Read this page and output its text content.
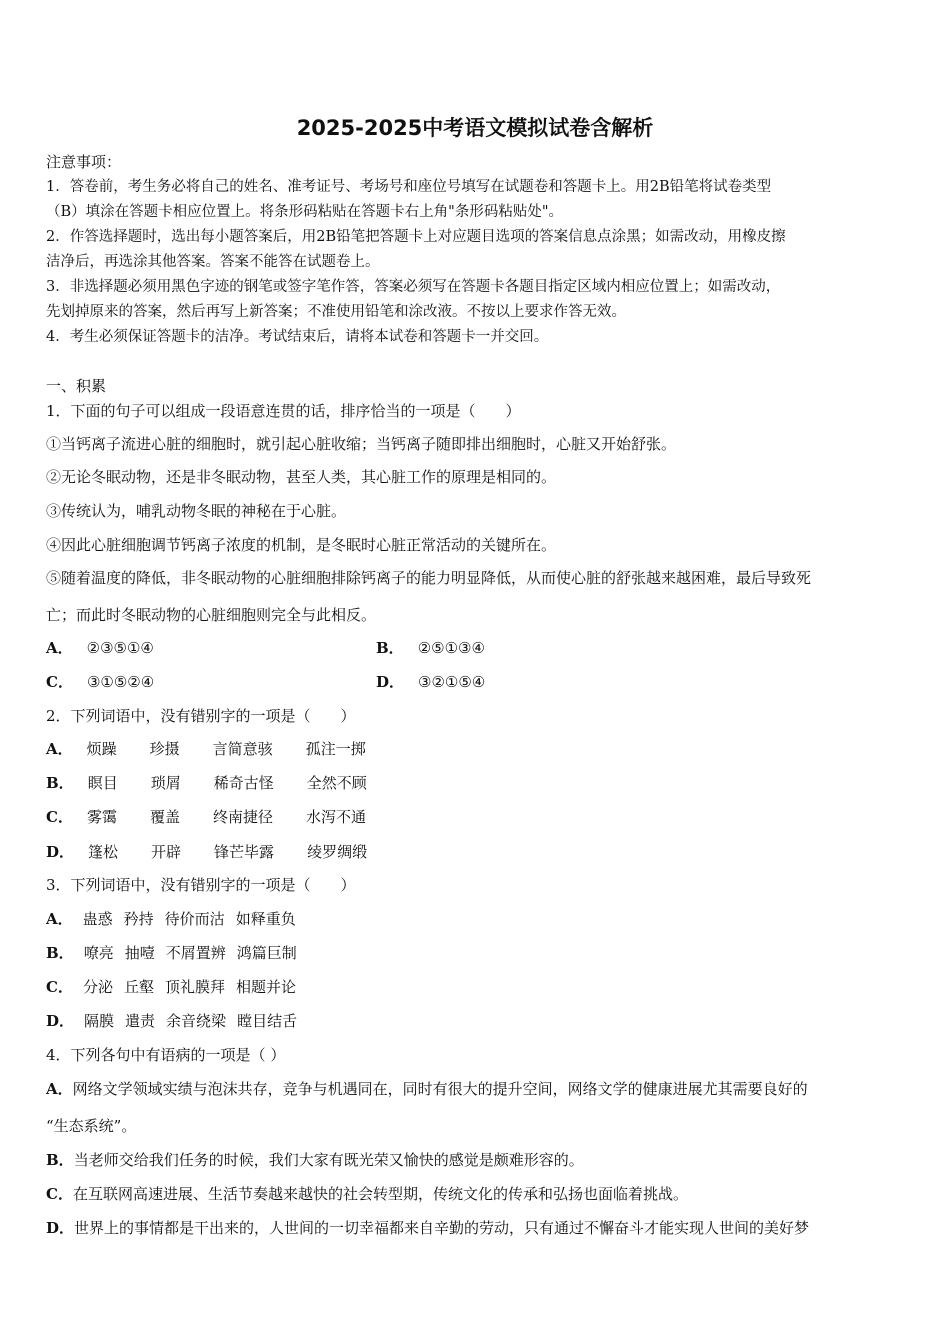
2025-2025中考语文模拟试卷含解析
注意事项：
1．答卷前，考生务必将自己的姓名、准考证号、考场号和座位号填写在试题卷和答题卡上。用2B铅笔将试卷类型
（B）填涂在答题卡相应位置上。将条形码粘贴在答题卡右上角"条形码粘贴处"。
2．作答选择题时，选出每小题答案后，用2B铅笔把答题卡上对应题目选项的答案信息点涂黑；如需改动，用橡皮擦
洁净后，再选涂其他答案。答案不能答在试题卷上。
3．非选择题必须用黑色字迹的钢笔或签字笔作答，答案必须写在答题卡各题目指定区域内相应位置上；如需改动，
先划掉原来的答案，然后再写上新答案；不准使用铅笔和涂改液。不按以上要求作答无效。
4．考生必须保证答题卡的洁净。考试结束后，请将本试卷和答题卡一并交回。
一、积累
1．下面的句子可以组成一段语意连贯的话，排序恰当的一项是（　　）
①当钙离子流进心脏的细胞时，就引起心脏收缩；当钙离子随即排出细胞时，心脏又开始舒张。
②无论冬眠动物，还是非冬眠动物，甚至人类，其心脏工作的原理是相同的。
③传统认为，哺乳动物冬眠的神秘在于心脏。
④因此心脏细胞调节钙离子浓度的机制，是冬眠时心脏正常活动的关键所在。
⑤随着温度的降低，非冬眠动物的心脏细胞排除钙离子的能力明显降低，从而使心脏的舒张越来越困难，最后导致死
亡；而此时冬眠动物的心脏细胞则完全与此相反。
A． ②③⑤①④	B． ②⑤①③④
C． ③①⑤②④	D． ③②①⑤④
2．下列词语中，没有错别字的一项是（　　）
A． 烦躁 珍摄 言简意骇 孤注一掷
B． 瞑目 琐屑 稀奇古怪 全然不顾
C． 雾霭 覆盖 终南捷径 水泻不通
D． 篷松 开辟 锋芒毕露 绫罗绸缎
3．下列词语中，没有错别字的一项是（　　）
A． 蛊惑 矜持 待价而沽 如释重负
B． 嘹亮 抽噎 不屑置辨 鸿篇巨制
C． 分泌 丘壑 顶礼膜拜 相题并论
D． 隔膜 遣责 余音绕梁 瞠目结舌
4．下列各句中有语病的一项是（ ）
A．网络文学领域实绩与泡沫共存，竞争与机遇同在，同时有很大的提升空间，网络文学的健康进展尤其需要良好的
“生态系统”。
B．当老师交给我们任务的时候，我们大家有既光荣又愉快的感觉是颇难形容的。
C．在互联网高速进展、生活节奏越来越快的社会转型期，传统文化的传承和弘扬也面临着挑战。
D．世界上的事情都是干出来的，人世间的一切幸福都来自辛勤的劳动，只有通过不懈奋斗才能实现人世间的美好梦
